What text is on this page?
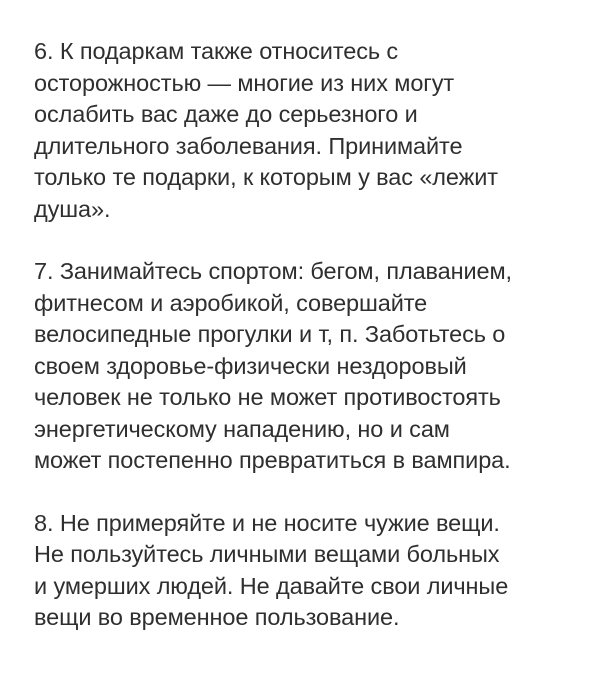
6. К подаркам также относитесь с
осторожностью — многие из них могут
ослабить вас даже до серьезного и
длительного заболевания. Принимайте
только те подарки, к которым у вас «лежит
душа».
7. Занимайтесь спортом: бегом, плаванием,
фитнесом и аэробикой, совершайте
велосипедные прогулки и т, п. Заботьтесь о
своем здоровье-физически нездоровый
человек не только не может противостоять
энергетическому нападению, но и сам
может постепенно превратиться в вампира.
8. Не примеряйте и не носите чужие вещи.
Не пользуйтесь личными вещами больных
и умерших людей. Не давайте свои личные
вещи во временное пользование.
